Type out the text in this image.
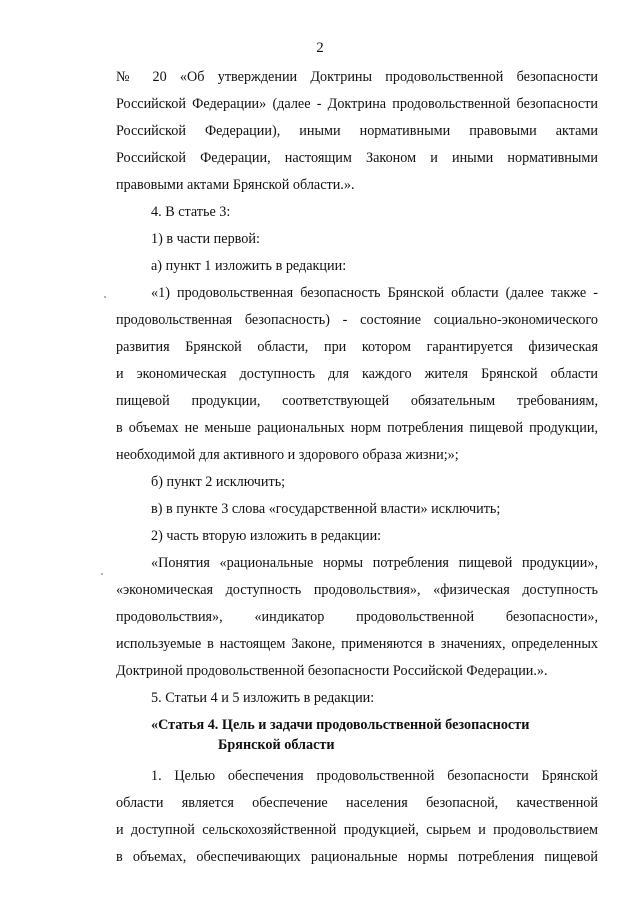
2
№ 20 «Об утверждении Доктрины продовольственной безопасности
Российской Федерации» (далее - Доктрина продовольственной безопасности
Российской Федерации), иными нормативными правовыми актами
Российской Федерации, настоящим Законом и иными нормативными
правовыми актами Брянской области.».
4. В статье 3:
1) в части первой:
а) пункт 1 изложить в редакции:
«1) продовольственная безопасность Брянской области (далее также -
продовольственная безопасность) - состояние социально-экономического
развития Брянской области, при котором гарантируется физическая
и экономическая доступность для каждого жителя Брянской области
пищевой продукции, соответствующей обязательным требованиям,
в объемах не меньше рациональных норм потребления пищевой продукции,
необходимой для активного и здорового образа жизни;»;
б) пункт 2 исключить;
в) в пункте 3 слова «государственной власти» исключить;
2) часть вторую изложить в редакции:
«Понятия «рациональные нормы потребления пищевой продукции»,
«экономическая доступность продовольствия», «физическая доступность
продовольствия», «индикатор продовольственной безопасности»,
используемые в настоящем Законе, применяются в значениях, определенных
Доктриной продовольственной безопасности Российской Федерации.».
5. Статьи 4 и 5 изложить в редакции:
«Статья 4. Цель и задачи продовольственной безопасности
Брянской области
1. Целью обеспечения продовольственной безопасности Брянской
области является обеспечение населения безопасной, качественной
и доступной сельскохозяйственной продукцией, сырьем и продовольствием
в объемах, обеспечивающих рациональные нормы потребления пищевой
